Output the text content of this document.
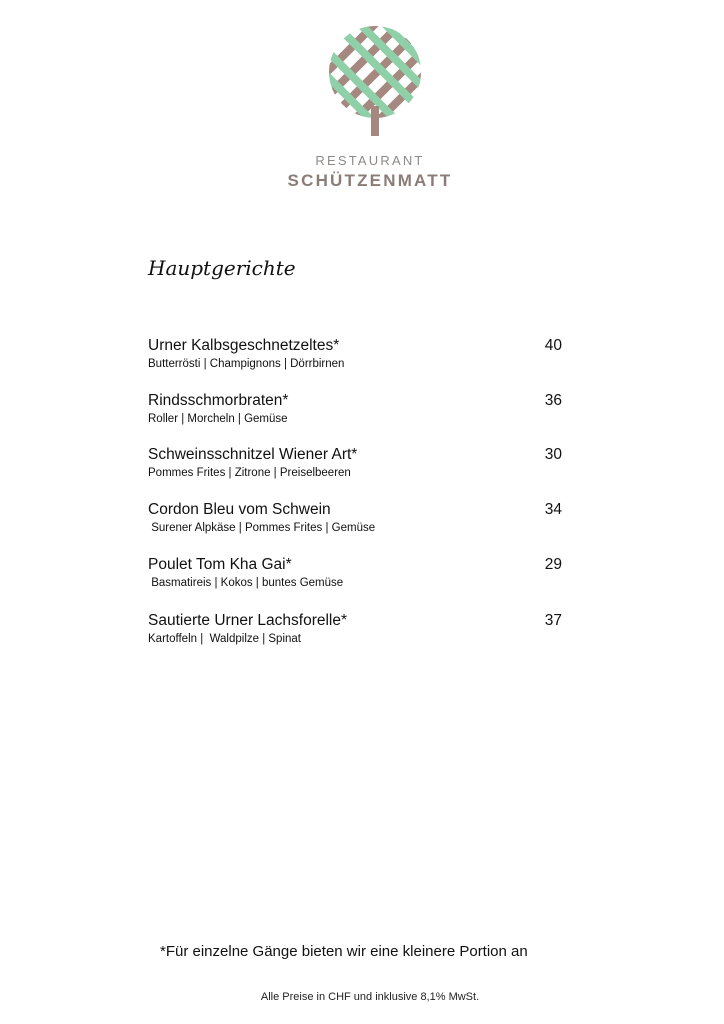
RESTAURANT
SCHÜTZENMATT
Hauptgerichte
Urner Kalbsgeschnetzeltes*	40
Butterrösti | Champignons | Dörrbirnen
Rindsschmorbraten*	36
Roller | Morcheln | Gemüse
Schweinsschnitzel Wiener Art*	30
Pommes Frites | Zitrone | Preiselbeeren
Cordon Bleu vom Schwein	34
Surener Alpkäse | Pommes Frites | Gemüse
Poulet Tom Kha Gai*	29
Basmatireis | Kokos | buntes Gemüse
Sautierte Urner Lachsforelle*	37
Kartoffeln |  Waldpilze | Spinat
*Für einzelne Gänge bieten wir eine kleinere Portion an
Alle Preise in CHF und inklusive 8,1% MwSt.
